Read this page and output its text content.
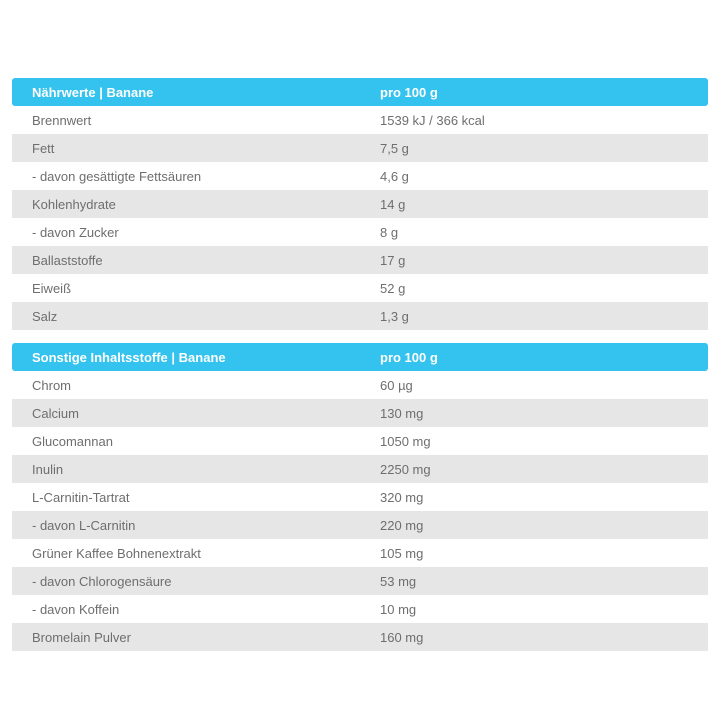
Nährwerte | Banane	pro 100 g
Brennwert	1539 kJ / 366 kcal
Fett	7,5 g
- davon gesättigte Fettsäuren	4,6 g
Kohlenhydrate	14 g
- davon Zucker	8 g
Ballaststoffe	17 g
Eiweiß	52 g
Salz	1,3 g
Sonstige Inhaltsstoffe | Banane	pro 100 g
Chrom	60 µg
Calcium	130 mg
Glucomannan	1050 mg
Inulin	2250 mg
L-Carnitin-Tartrat	320 mg
- davon L-Carnitin	220 mg
Grüner Kaffee Bohnenextrakt	105 mg
- davon Chlorogensäure	53 mg
- davon Koffein	10 mg
Bromelain Pulver	160 mg
